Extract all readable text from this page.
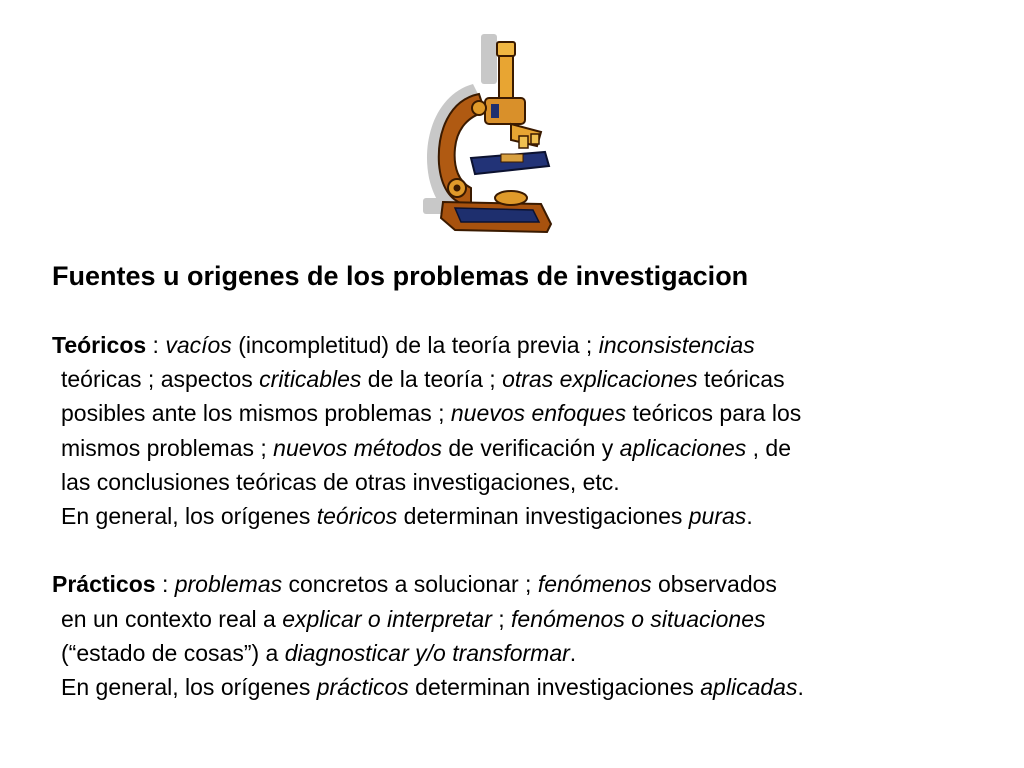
Fuentes u origenes de los problemas de investigacion
Teóricos : vacíos (incompletitud) de la teoría previa ; inconsistencias
teóricas ; aspectos criticables de la teoría ; otras explicaciones teóricas
posibles ante los mismos problemas ; nuevos enfoques teóricos para los
mismos problemas ; nuevos métodos de verificación y aplicaciones , de
las conclusiones teóricas de otras investigaciones, etc.
En general, los orígenes teóricos determinan investigaciones puras.
Prácticos : problemas concretos a solucionar ; fenómenos observados
en un contexto real a explicar o interpretar ; fenómenos o situaciones
(“estado de cosas”) a diagnosticar y/o transformar.
En general, los orígenes prácticos determinan investigaciones aplicadas.
